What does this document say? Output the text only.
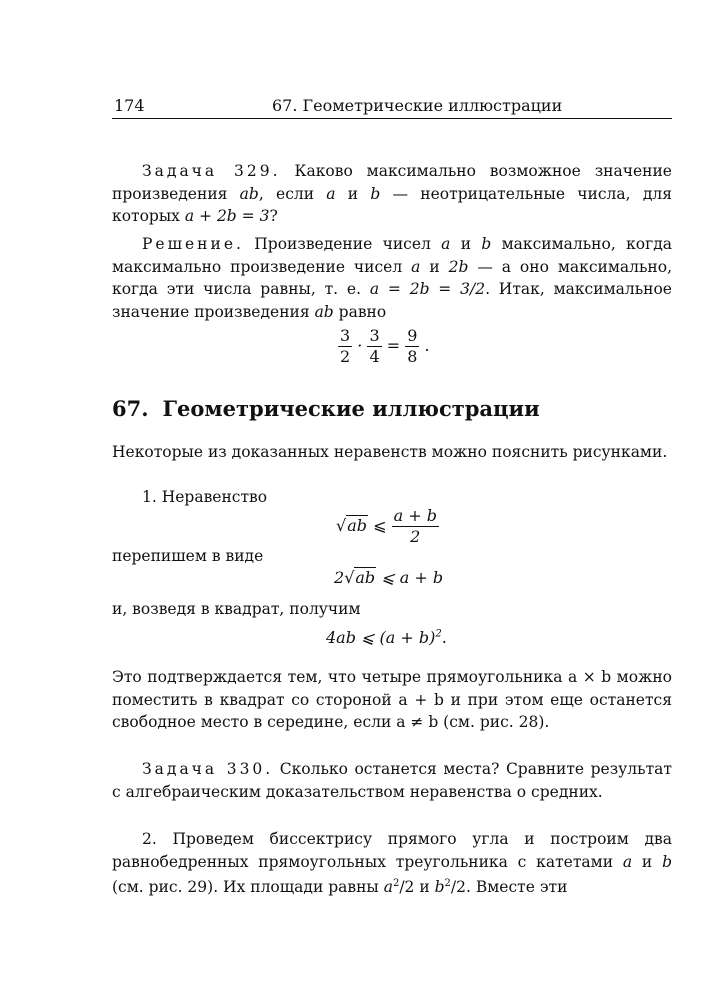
174	67. Геометрические иллюстрации
Задача 329. Каково максимально возможное значение произведения ab, если a и b — неотрицательные числа, для которых a + 2b = 3?
Решение. Произведение чисел a и b максимально, когда максимально произведение чисел a и 2b — а оно максимально, когда эти числа равны, т. е. a = 2b = 3/2. Итак, максимальное значение произведения ab равно
$\frac{3}{2} \cdot \frac{3}{4} = \frac{9}{8}$ .
67. Геометрические иллюстрации
Некоторые из доказанных неравенств можно пояснить рисунками.
1. Неравенство
√ab ⩽ $\frac{a + b}{2}$
перепишем в виде
2√ab ⩽ a + b
и, возведя в квадрат, получим
4ab ⩽ $(a + b)^2$.
Это подтверждается тем, что четыре прямоугольника a × b можно поместить в квадрат со стороной a + b и при этом еще останется свободное место в середине, если a ≠ b (см. рис. 28).
Задача 330. Сколько останется места? Сравните результат с алгебраическим доказательством неравенства о средних.
2. Проведем биссектрису прямого угла и построим два равнобедренных прямоугольных треугольника с катетами a и b (см. рис. 29). Их площади равны $a^2/2$ и $b^2/2$. Вместе эти
